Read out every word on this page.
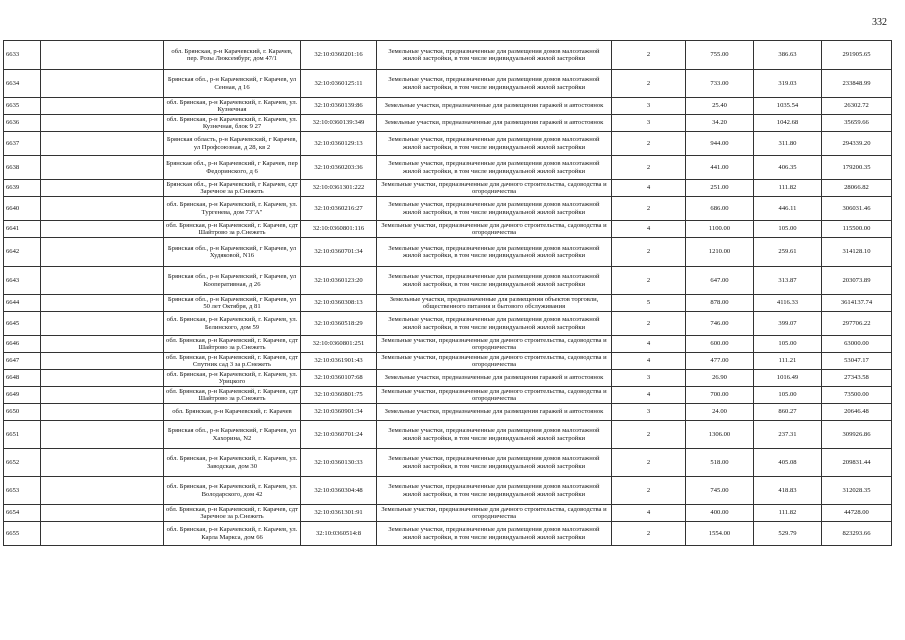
332
6633		обл. Брянская, р-н Карачевский, г. Карачев, пер. Розы Люксембург, дом 47/1	32:10:0360201:16	Земельные участки, предназначенные для размещения домов малоэтажной жилой застройки, в том числе индивидуальной жилой застройки	2	755.00	386.63	291905.65
6634		Брянская обл., р-н Карачевский, г Карачев, ул Сенная, д 16	32:10:0360125:11	Земельные участки, предназначенные для размещения домов малоэтажной жилой застройки, в том числе индивидуальной жилой застройки	2	733.00	319.03	233848.99
6635		обл. Брянская, р-н Карачевский, г. Карачев, ул. Кузнечная	32:10:0360139:86	Земельные участки, предназначенные для размещения гаражей и автостоянок	3	25.40	1035.54	26302.72
6636		обл. Брянская, р-н Карачевский, г. Карачев, ул. Кузнечная, блок 9 27	32:10:0360139:349	Земельные участки, предназначенные для размещения гаражей и автостоянок	3	34.20	1042.68	35659.66
6637		Брянская область, р-н Карачевский, г Карачев, ул Профсоюзная, д 28, кв 2	32:10:0360129:13	Земельные участки, предназначенные для размещения домов малоэтажной жилой застройки, в том числе индивидуальной жилой застройки	2	944.00	311.80	294339.20
6638		Брянская обл., р-н Карачевский, г Карачев, пер Федоринского, д 6	32:10:0360203:36	Земельные участки, предназначенные для размещения домов малоэтажной жилой застройки, в том числе индивидуальной жилой застройки	2	441.00	406.35	179200.35
6639		Брянская обл., р-н Карачевский, г Карачев, сдт Заречное за р.Снежеть	32:10:0361301:222	Земельные участки, предназначенные для дачного строительства, садоводства и огородничества	4	251.00	111.82	28066.82
6640		обл. Брянская, р-н Карачевский, г. Карачев, ул. Тургенева, дом 73"А"	32:10:0360216:27	Земельные участки, предназначенные для размещения домов малоэтажной жилой застройки, в том числе индивидуальной жилой застройки	2	686.00	446.11	306031.46
6641		обл. Брянская, р-н Карачевский, г. Карачев, сдт Шайтрово за р.Снежеть	32:10:0360801:116	Земельные участки, предназначенные для дачного строительства, садоводства и огородничества	4	1100.00	105.00	115500.00
6642		Брянская обл., р-н Карачевский, г Карачев, ул Худяковой, N16	32:10:0360701:34	Земельные участки, предназначенные для размещения домов малоэтажной жилой застройки, в том числе индивидуальной жилой застройки	2	1210.00	259.61	314128.10
6643		Брянская обл., р-н Карачевский, г Карачев, ул Кооперативная, д 26	32:10:0360123:20	Земельные участки, предназначенные для размещения домов малоэтажной жилой застройки, в том числе индивидуальной жилой застройки	2	647.00	313.87	203073.89
6644		Брянская обл., р-н Карачевский, г Карачев, ул 50 лет Октября, д 81	32:10:0360308:13	Земельные участки, предназначенные для размещения объектов торговли, общественного питания и бытового обслуживания	5	878.00	4116.33	3614137.74
6645		обл. Брянская, р-н Карачевский, г. Карачев, ул. Белинского, дом 59	32:10:0360518:29	Земельные участки, предназначенные для размещения домов малоэтажной жилой застройки, в том числе индивидуальной жилой застройки	2	746.00	399.07	297706.22
6646		обл. Брянская, р-н Карачевский, г. Карачев, сдт Шайтрово за р.Снежеть	32:10:0360801:251	Земельные участки, предназначенные для дачного строительства, садоводства и огородничества	4	600.00	105.00	63000.00
6647		обл. Брянская, р-н Карачевский, г. Карачев, сдт Спутник сад 3 за р.Снежеть	32:10:0361901:43	Земельные участки, предназначенные для дачного строительства, садоводства и огородничества	4	477.00	111.21	53047.17
6648		обл. Брянская, р-н Карачевский, г. Карачев, ул. Урицкого	32:10:0360107:68	Земельные участки, предназначенные для размещения гаражей и автостоянок	3	26.90	1016.49	27343.58
6649		обл. Брянская, р-н Карачевский, г. Карачев, сдт Шайтрово за р.Снежеть	32:10:0360801:75	Земельные участки, предназначенные для дачного строительства, садоводства и огородничества	4	700.00	105.00	73500.00
6650		обл. Брянская, р-н Карачевский, г. Карачев	32:10:0360901:34	Земельные участки, предназначенные для размещения гаражей и автостоянок	3	24.00	860.27	20646.48
6651		Брянская обл., р-н Карачевский, г Карачев, ул Хахорина, N2	32:10:0360701:24	Земельные участки, предназначенные для размещения домов малоэтажной жилой застройки, в том числе индивидуальной жилой застройки	2	1306.00	237.31	309926.86
6652		обл. Брянская, р-н Карачевский, г. Карачев, ул. Заводская, дом 30	32:10:0360130:33	Земельные участки, предназначенные для размещения домов малоэтажной жилой застройки, в том числе индивидуальной жилой застройки	2	518.00	405.08	209831.44
6653		обл. Брянская, р-н Карачевский, г. Карачев, ул. Володарского, дом 42	32:10:0360304:48	Земельные участки, предназначенные для размещения домов малоэтажной жилой застройки, в том числе индивидуальной жилой застройки	2	745.00	418.83	312028.35
6654		обл. Брянская, р-н Карачевский, г. Карачев, сдт Заречное за р.Снежеть	32:10:0361301:91	Земельные участки, предназначенные для дачного строительства, садоводства и огородничества	4	400.00	111.82	44728.00
6655		обл. Брянская, р-н Карачевский, г. Карачев, ул. Карла Маркса, дом 66	32:10:0360514:8	Земельные участки, предназначенные для размещения домов малоэтажной жилой застройки, в том числе индивидуальной жилой застройки	2	1554.00	529.79	823293.66
